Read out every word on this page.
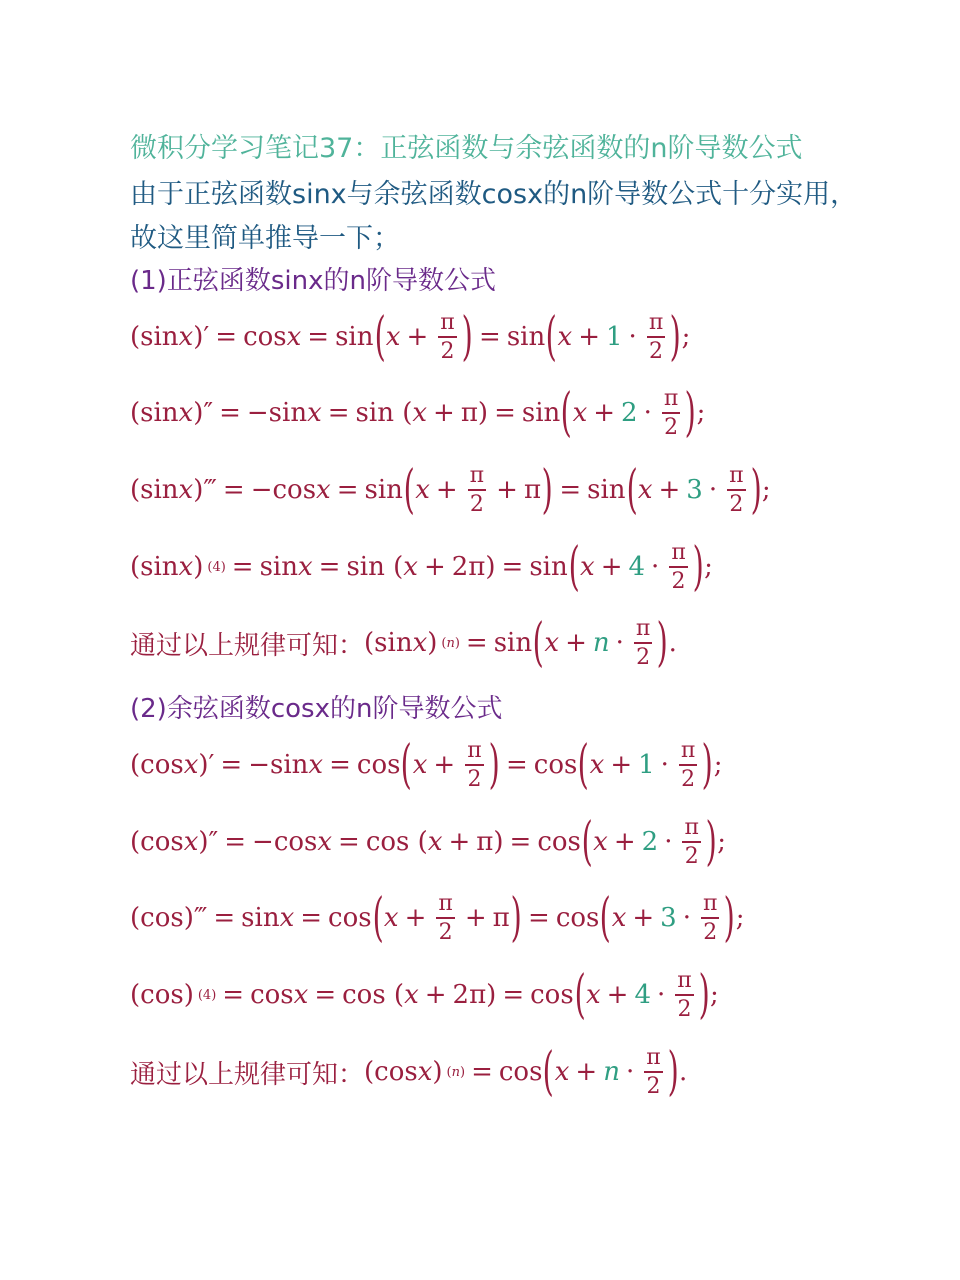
微积分学习笔记37：正弦函数与余弦函数的n阶导数公式
由于正弦函数sinx与余弦函数cosx的n阶导数公式十分实用，
故这里简单推导一下；
(1)正弦函数sinx的n阶导数公式
(sinx)′ = cos x = sin ( $x + \frac{\pi}{2}$ ) = sin ( $x + 1 \cdot \frac{\pi}{2}$ ) ;
(sin x )″ = −sin x = sin ( x + π) = sin ( $x + 2 \cdot \frac{\pi}{2}$ ) ;
(sin x )‴ = −cos x = sin ( $x + \frac{\pi}{2} + \pi$ ) = sin ( $x + 3 \cdot \frac{\pi}{2}$ ) ;
(sin x ) (4) = sin x = sin ( x + 2π) = sin ( $x + 4 \cdot \frac{\pi}{2}$ ) ;
通过以上规律可知： (sin x ) (n) = sin ( $x + n \cdot \frac{\pi}{2}$ ) .
(2)余弦函数cosx的n阶导数公式
(cos x )′ = −sin x = cos ( $x + \frac{\pi}{2}$ ) = cos ( $x + 1 \cdot \frac{\pi}{2}$ ) ;
(cos x )″ = −cos x = cos ( x + π) = cos ( $x + 2 \cdot \frac{\pi}{2}$ ) ;
(cos)‴ = sin x = cos ( $x + \frac{\pi}{2} + \pi$ ) = cos ( $x + 3 \cdot \frac{\pi}{2}$ ) ;
(cos) (4) = cos x = cos ( x + 2π) = cos ( $x + 4 \cdot \frac{\pi}{2}$ ) ;
通过以上规律可知： (cos x ) (n) = cos ( $x + n \cdot \frac{\pi}{2}$ ) .
